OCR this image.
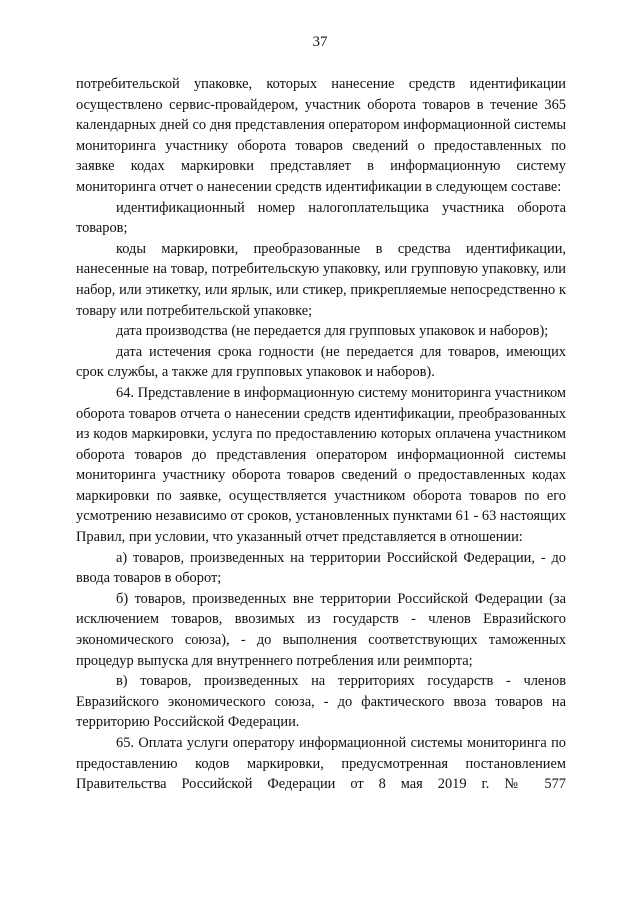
37

потребительской упаковке, которых нанесение средств идентификации осуществлено сервис-провайдером, участник оборота товаров в течение 365 календарных дней со дня представления оператором информационной системы мониторинга участнику оборота товаров сведений о предоставленных по заявке кодах маркировки представляет в информационную систему мониторинга отчет о нанесении средств идентификации в следующем составе:

идентификационный номер налогоплательщика участника оборота товаров;

коды маркировки, преобразованные в средства идентификации, нанесенные на товар, потребительскую упаковку, или групповую упаковку, или набор, или этикетку, или ярлык, или стикер, прикрепляемые непосредственно к товару или потребительской упаковке;

дата производства (не передается для групповых упаковок и наборов);

дата истечения срока годности (не передается для товаров, имеющих срок службы, а также для групповых упаковок и наборов).

64. Представление в информационную систему мониторинга участником оборота товаров отчета о нанесении средств идентификации, преобразованных из кодов маркировки, услуга по предоставлению которых оплачена участником оборота товаров до представления оператором информационной системы мониторинга участнику оборота товаров сведений о предоставленных кодах маркировки по заявке, осуществляется участником оборота товаров по его усмотрению независимо от сроков, установленных пунктами 61 - 63 настоящих Правил, при условии, что указанный отчет представляется в отношении:

а) товаров, произведенных на территории Российской Федерации, - до ввода товаров в оборот;

б) товаров, произведенных вне территории Российской Федерации (за исключением товаров, ввозимых из государств - членов Евразийского экономического союза), - до выполнения соответствующих таможенных процедур выпуска для внутреннего потребления или реимпорта;

в) товаров, произведенных на территориях государств - членов Евразийского экономического союза, - до фактического ввоза товаров на территорию Российской Федерации.

65. Оплата услуги оператору информационной системы мониторинга по предоставлению кодов маркировки, предусмотренная постановлением Правительства Российской Федерации от 8 мая 2019 г. № 577
